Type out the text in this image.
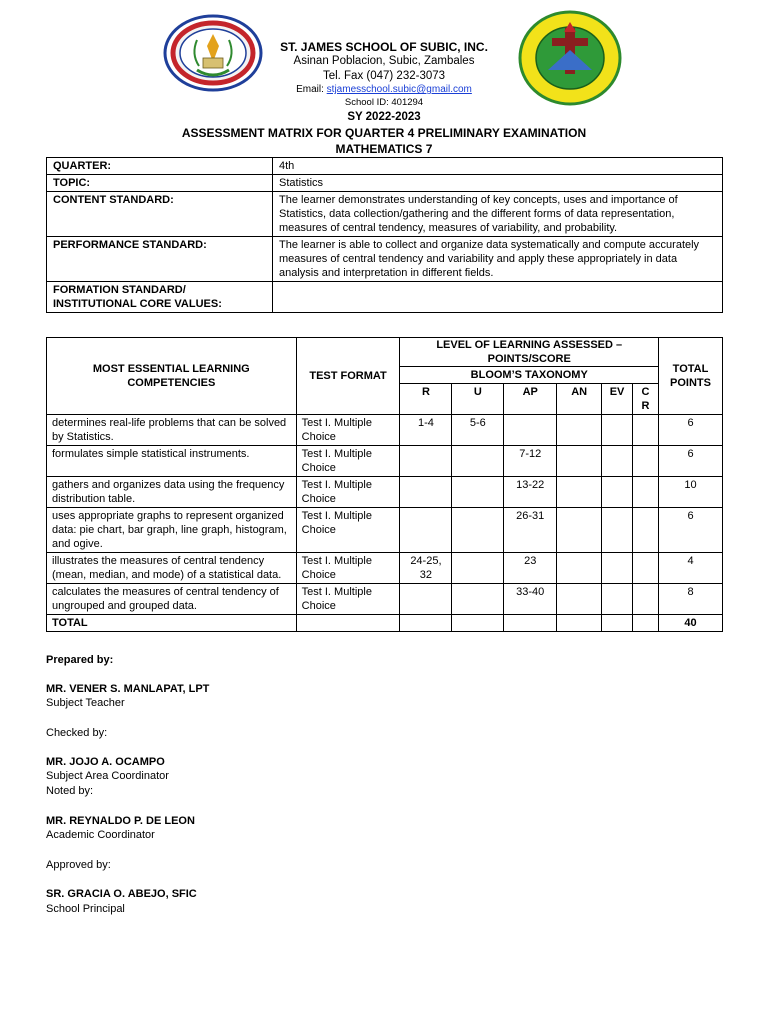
ST. JAMES SCHOOL OF SUBIC, INC.
Asinan Poblacion, Subic, Zambales
Tel. Fax (047) 232-3073
Email: stjamesschool.subic@gmail.com
School ID: 401294
SY 2022-2023
ASSESSMENT MATRIX FOR QUARTER 4 PRELIMINARY EXAMINATION
MATHEMATICS 7
QUARTER:	4th
TOPIC:	Statistics
CONTENT STANDARD:	The learner demonstrates understanding of key concepts, uses and importance of Statistics, data collection/gathering and the different forms of data representation, measures of central tendency, measures of variability, and probability.
PERFORMANCE STANDARD:	The learner is able to collect and organize data systematically and compute accurately measures of central tendency and variability and apply these appropriately in data analysis and interpretation in different fields.
FORMATION STANDARD/ INSTITUTIONAL CORE VALUES:	
MOST ESSENTIAL LEARNING COMPETENCIES	TEST FORMAT	LEVEL OF LEARNING ASSESSED – POINTS/SCORE						TOTAL POINTS
		BLOOM’S TAXONOMY						
		R	U	AP	AN	EV	C R	
determines real-life problems that can be solved by Statistics.	Test I. Multiple Choice	1-4	5-6					6
formulates simple statistical instruments.	Test I. Multiple Choice			7-12				6
gathers and organizes data using the frequency distribution table.	Test I. Multiple Choice			13-22				10
uses appropriate graphs to represent organized data: pie chart, bar graph, line graph, histogram, and ogive.	Test I. Multiple Choice			26-31				6
illustrates the measures of central tendency (mean, median, and mode) of a statistical data.	Test I. Multiple Choice	24-25, 32		23				4
calculates the measures of central tendency of ungrouped and grouped data.	Test I. Multiple Choice			33-40				8
TOTAL								40
Prepared by:
MR. VENER S. MANLAPAT, LPT
Subject Teacher
Checked by:
MR. JOJO A. OCAMPO
Subject Area Coordinator
Noted by:
MR. REYNALDO P. DE LEON
Academic Coordinator
Approved by:
SR. GRACIA O. ABEJO, SFIC
School Principal
